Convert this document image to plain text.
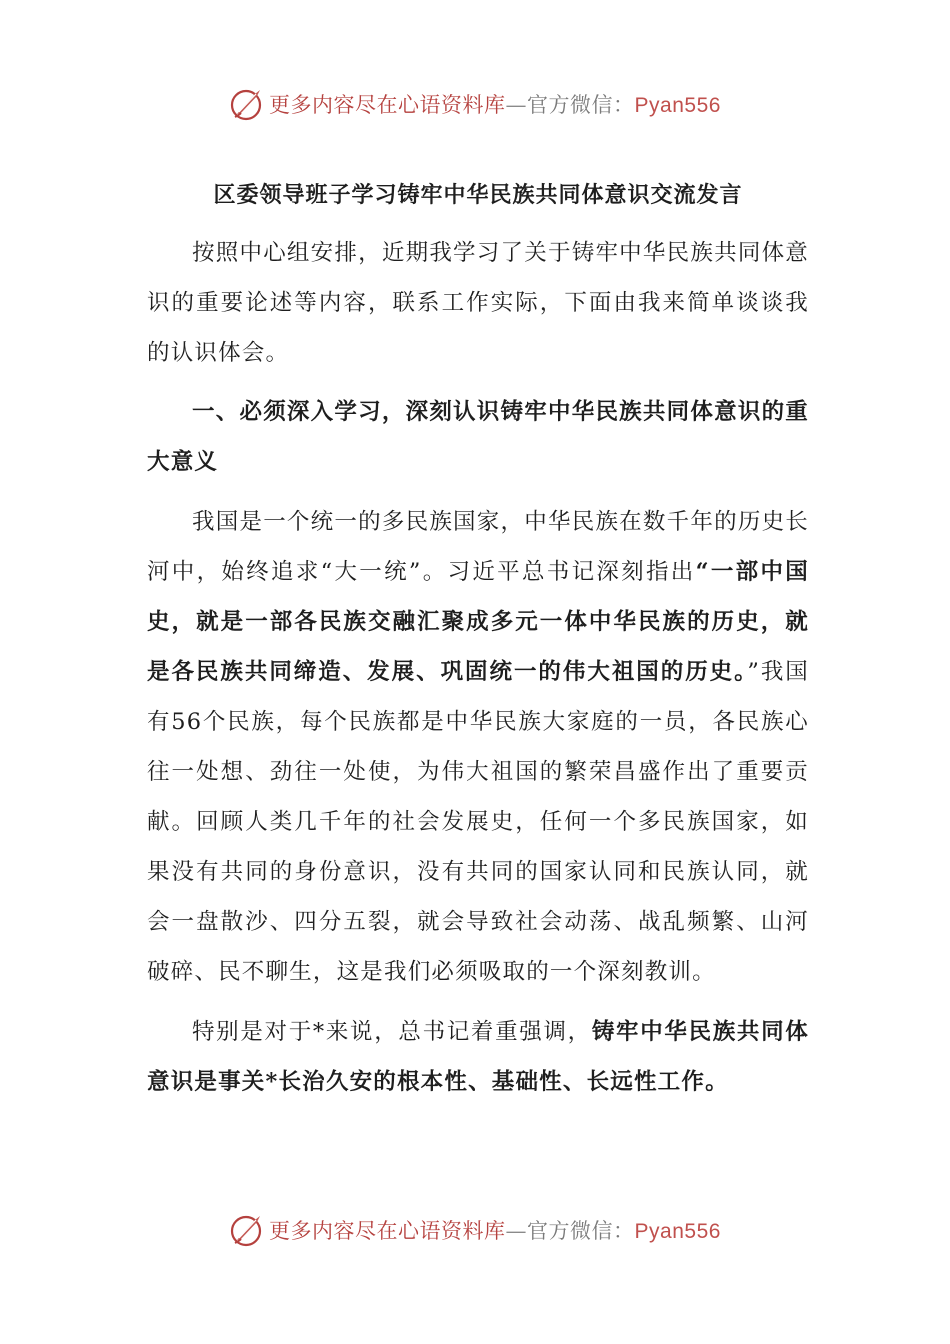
更多内容尽在心语资料库—官方微信：Pyan556
区委领导班子学习铸牢中华民族共同体意识交流发言

按照中心组安排，近期我学习了关于铸牢中华民族共同体意识的重要论述等内容，联系工作实际，下面由我来简单谈谈我的认识体会。

一、必须深入学习，深刻认识铸牢中华民族共同体意识的重大意义

我国是一个统一的多民族国家，中华民族在数千年的历史长河中，始终追求“大一统”。习近平总书记深刻指出“一部中国史，就是一部各民族交融汇聚成多元一体中华民族的历史，就是各民族共同缔造、发展、巩固统一的伟大祖国的历史。”我国有56个民族，每个民族都是中华民族大家庭的一员，各民族心往一处想、劲往一处使，为伟大祖国的繁荣昌盛作出了重要贡献。回顾人类几千年的社会发展史，任何一个多民族国家，如果没有共同的身份意识，没有共同的国家认同和民族认同，就会一盘散沙、四分五裂，就会导致社会动荡、战乱频繁、山河破碎、民不聊生，这是我们必须吸取的一个深刻教训。

特别是对于*来说，总书记着重强调，铸牢中华民族共同体意识是事关*长治久安的根本性、基础性、长远性工作。

更多内容尽在心语资料库—官方微信：Pyan556
